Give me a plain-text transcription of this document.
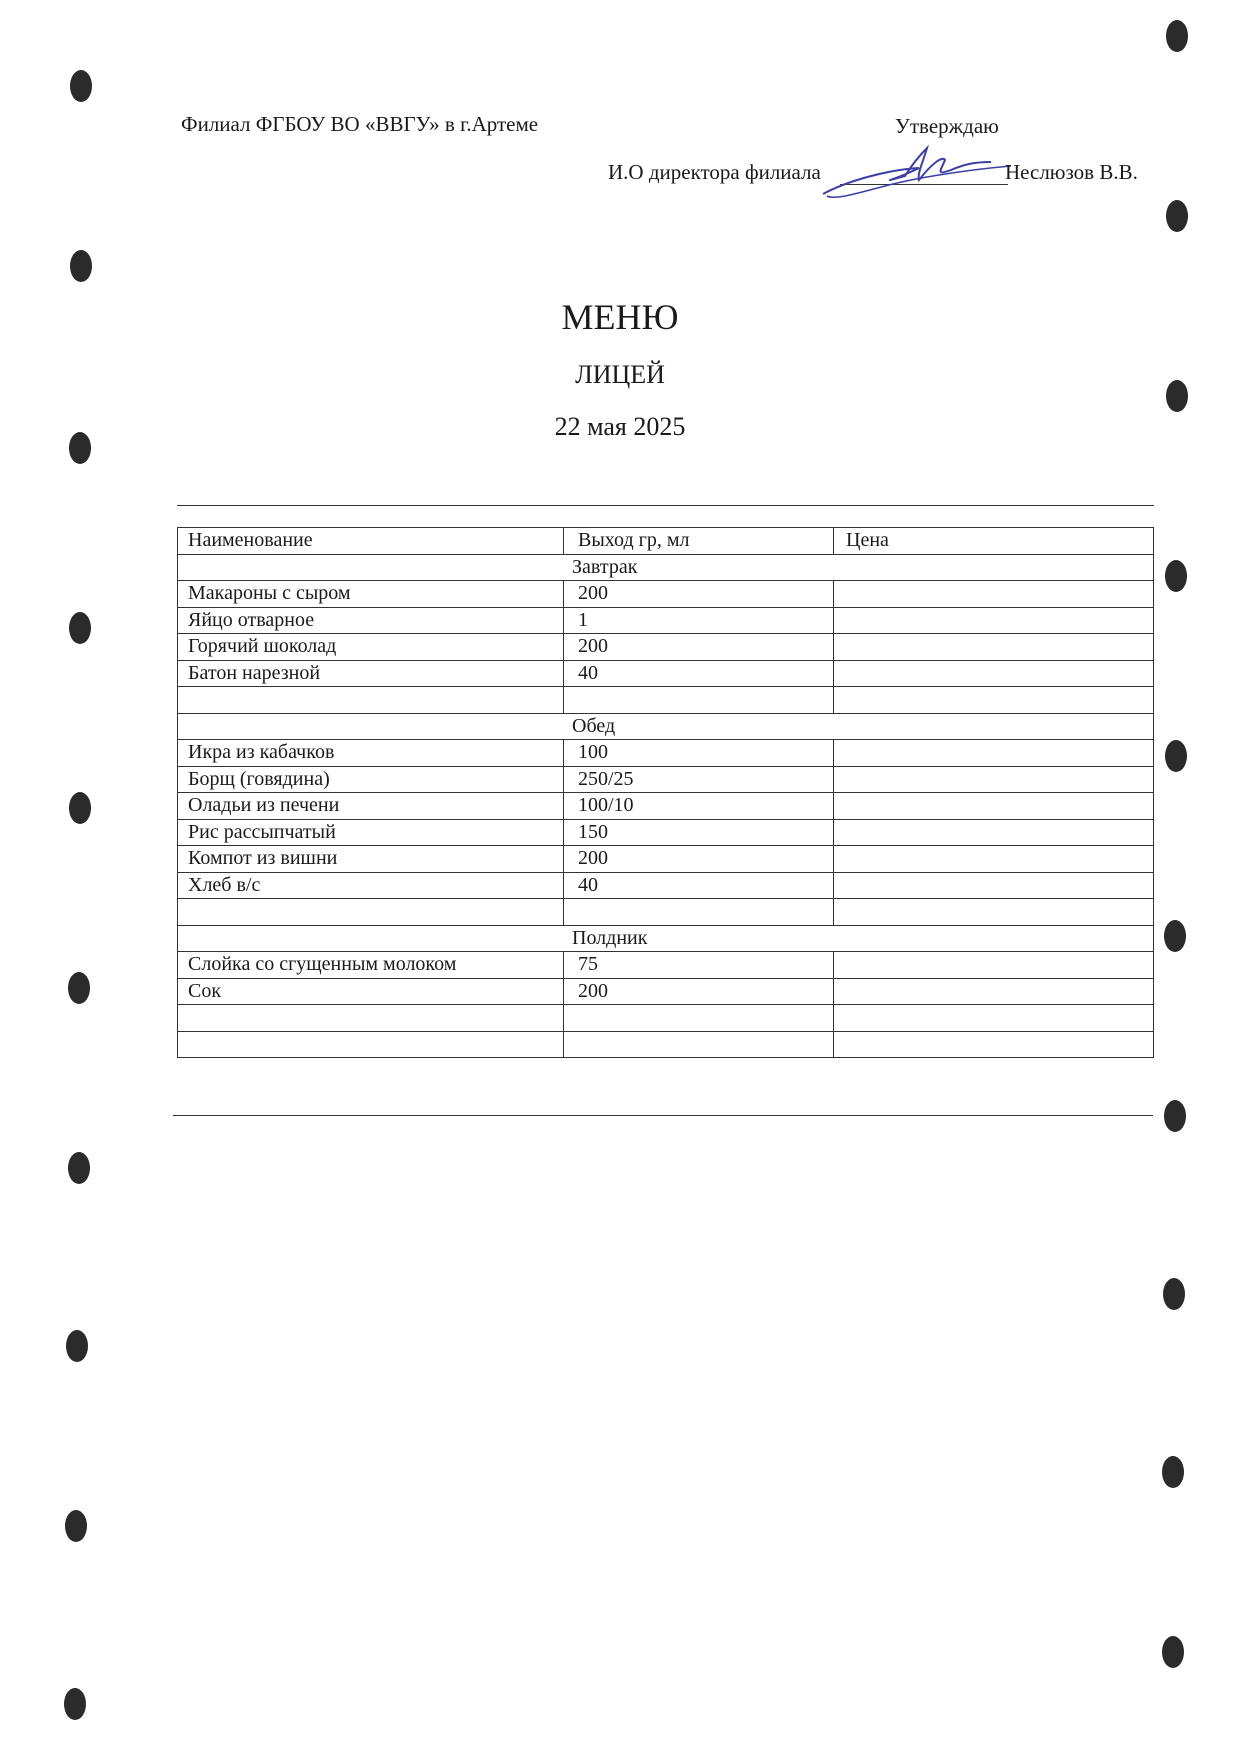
Филиал ФГБОУ ВО «ВВГУ» в г.Артеме	Утверждаю
И.О директора филиала	Неслюзов В.В.
МЕНЮ
ЛИЦЕЙ
22 мая 2025
Наименование	Выход гр, мл	Цена
Завтрак		
Макароны с сыром	200	
Яйцо отварное	1	
Горячий шоколад	200	
Батон нарезной	40	

Обед		
Икра из кабачков	100	
Борщ (говядина)	250/25	
Оладьи из печени	100/10	
Рис рассыпчатый	150	
Компот из вишни	200	
Хлеб в/с	40	

Полдник		
Слойка со сгущенным молоком	75	
Сок	200	
